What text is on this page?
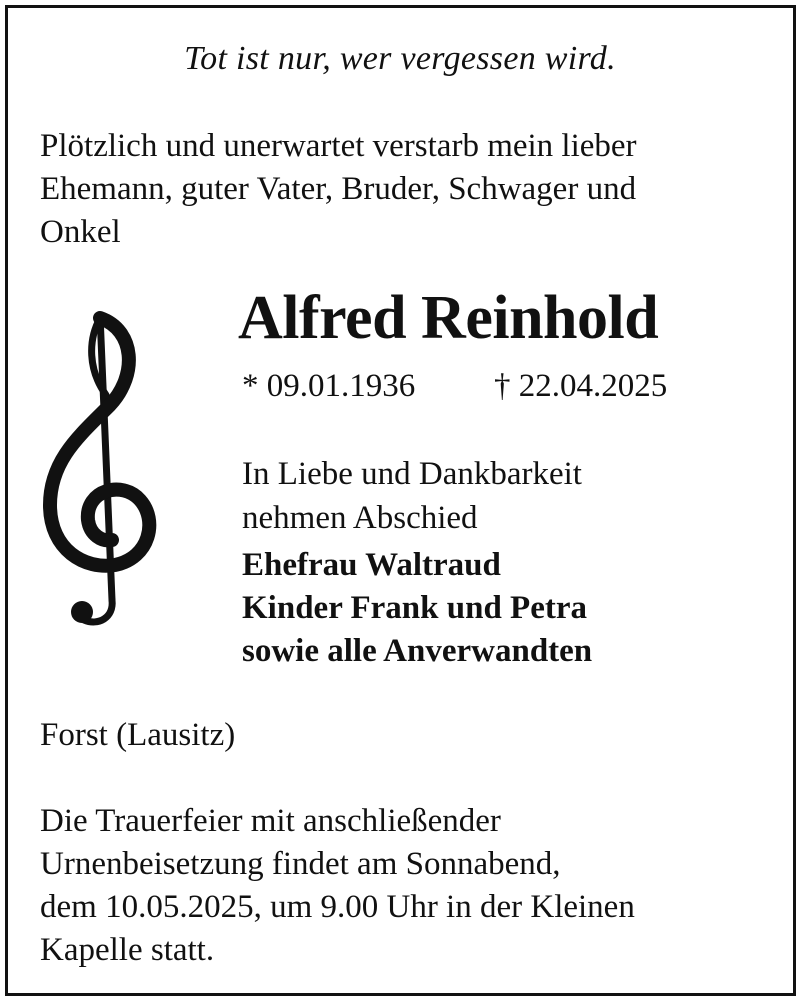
Tot ist nur, wer vergessen wird.
Plötzlich und unerwartet verstarb mein lieber
Ehemann, guter Vater, Bruder, Schwager und
Onkel
Alfred Reinhold
* 09.01.1936 † 22.04.2025
In Liebe und Dankbarkeit
nehmen Abschied
Ehefrau Waltraud
Kinder Frank und Petra
sowie alle Anverwandten
Forst (Lausitz)
Die Trauerfeier mit anschließender
Urnenbeisetzung findet am Sonnabend,
dem 10.05.2025, um 9.00 Uhr in der Kleinen
Kapelle statt.
